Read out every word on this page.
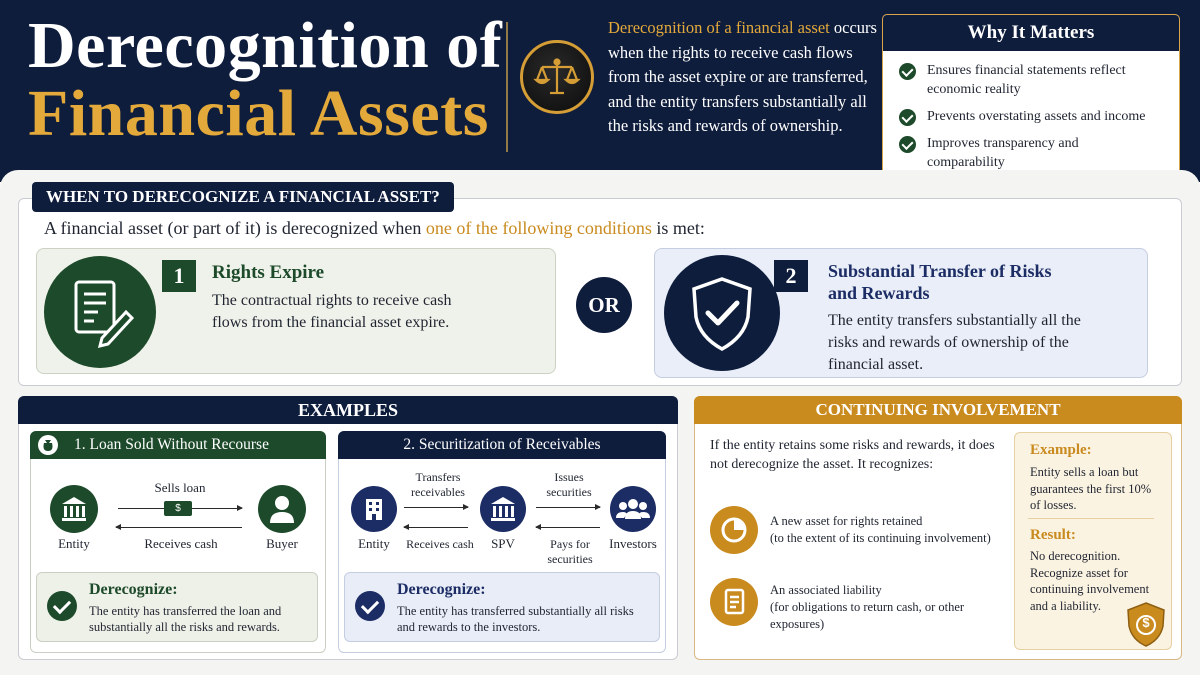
Derecognition of
Financial Assets
Derecognition of a financial asset occurs when the rights to receive cash flows from the asset expire or are transferred, and the entity transfers substantially all the risks and rewards of ownership.
Why It Matters
Ensures financial statements reflect economic reality
Prevents overstating assets and income
Improves transparency and comparability
WHEN TO DERECOGNIZE A FINANCIAL ASSET?
A financial asset (or part of it) is derecognized when one of the following conditions is met:
1	Rights Expire
The contractual rights to receive cash flows from the financial asset expire.
OR
2	Substantial Transfer of Risks and Rewards
The entity transfers substantially all the risks and rewards of ownership of the financial asset.
EXAMPLES
1. Loan Sold Without Recourse
Entity	Buyer
Sells loan
$
Receives cash
Derecognize:
The entity has transferred the loan and substantially all the risks and rewards.
2. Securitization of Receivables
Entity	SPV	Investors
Transfers receivables
Receives cash
Issues securities
Pays for securities
Derecognize:
The entity has transferred substantially all risks and rewards to the investors.
CONTINUING INVOLVEMENT
If the entity retains some risks and rewards, it does not derecognize the asset. It recognizes:
A new asset for rights retained
(to the extent of its continuing involvement)
An associated liability
(for obligations to return cash, or other exposures)
Example:
Entity sells a loan but guarantees the first 10% of losses.
Result:
No derecognition. Recognize asset for continuing involvement and a liability.
$
